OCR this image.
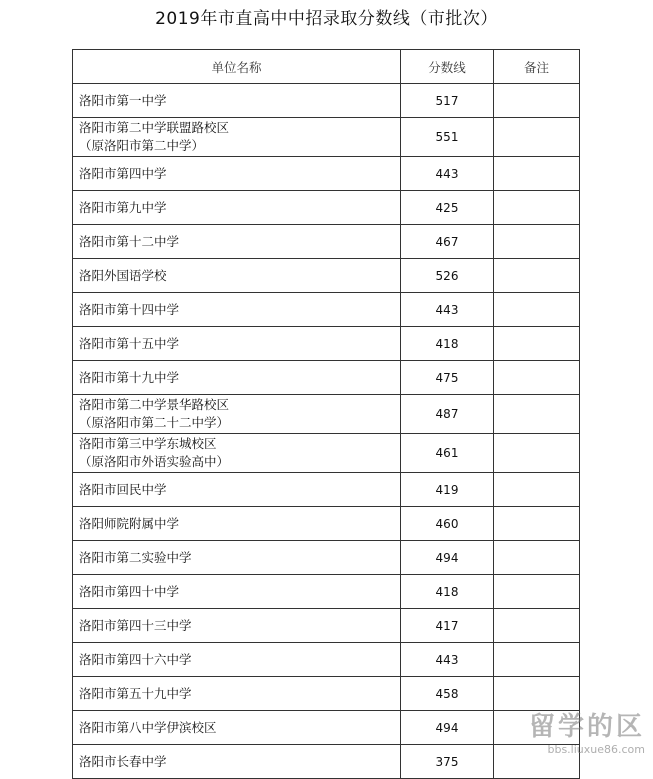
2019年市直高中中招录取分数线（市批次）
单位名称	分数线	备注
洛阳市第一中学	517	
洛阳市第二中学联盟路校区
（原洛阳市第二中学）	551	
洛阳市第四中学	443	
洛阳市第九中学	425	
洛阳市第十二中学	467	
洛阳外国语学校	526	
洛阳市第十四中学	443	
洛阳市第十五中学	418	
洛阳市第十九中学	475	
洛阳市第二中学景华路校区
（原洛阳市第二十二中学）	487	
洛阳市第三中学东城校区
（原洛阳市外语实验高中）	461	
洛阳市回民中学	419	
洛阳师院附属中学	460	
洛阳市第二实验中学	494	
洛阳市第四十中学	418	
洛阳市第四十三中学	417	
洛阳市第四十六中学	443	
洛阳市第五十九中学	458	
洛阳市第八中学伊滨校区	494	
洛阳市长春中学	375	
留学的区
bbs.liuxue86.com
